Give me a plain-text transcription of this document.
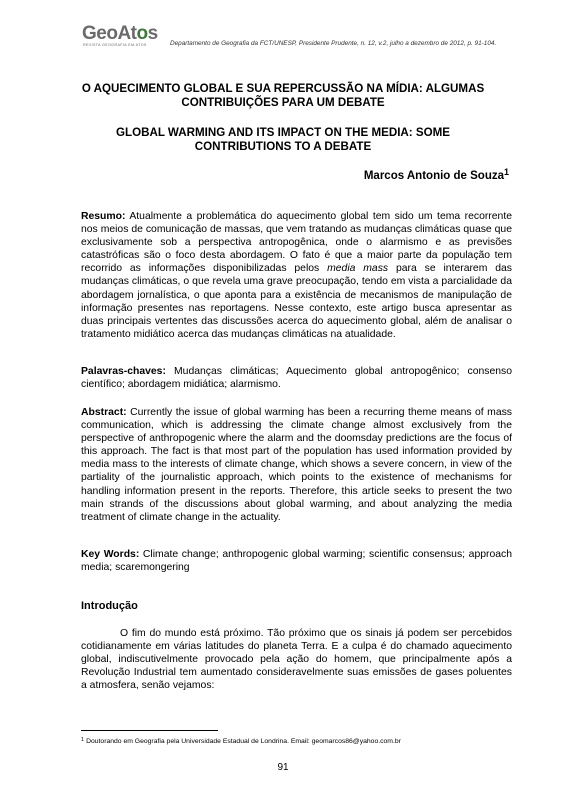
GeoAtos
REVISTA GEOGRAFIA EM ATOS	Departamento de Geografia da FCT/UNESP, Presidente Prudente, n. 12, v.2, julho a dezembro de 2012, p. 91-104.
O AQUECIMENTO GLOBAL E SUA REPERCUSSÃO NA MÍDIA: ALGUMAS CONTRIBUIÇÕES PARA UM DEBATE
GLOBAL WARMING AND ITS IMPACT ON THE MEDIA: SOME CONTRIBUTIONS TO A DEBATE
Marcos Antonio de Souza$^1$

Resumo: Atualmente a problemática do aquecimento global tem sido um tema recorrente nos meios de comunicação de massas, que vem tratando as mudanças climáticas quase que exclusivamente sob a perspectiva antropogênica, onde o alarmismo e as previsões catastróficas são o foco desta abordagem. O fato é que a maior parte da população tem recorrido as informações disponibilizadas pelos media mass para se interarem das mudanças climáticas, o que revela uma grave preocupação, tendo em vista a parcialidade da abordagem jornalística, o que aponta para a existência de mecanismos de manipulação de informação presentes nas reportagens. Nesse contexto, este artigo busca apresentar as duas principais vertentes das discussões acerca do aquecimento global, além de analisar o tratamento midiático acerca das mudanças climáticas na atualidade.

Palavras-chaves: Mudanças climáticas; Aquecimento global antropogênico; consenso científico; abordagem midiática; alarmismo.

Abstract: Currently the issue of global warming has been a recurring theme means of mass communication, which is addressing the climate change almost exclusively from the perspective of anthropogenic where the alarm and the doomsday predictions are the focus of this approach. The fact is that most part of the population has used information provided by media mass to the interests of climate change, which shows a severe concern, in view of the partiality of the journalistic approach, which points to the existence of mechanisms for handling information present in the reports. Therefore, this article seeks to present the two main strands of the discussions about global warming, and about analyzing the media treatment of climate change in the actuality.

Key Words: Climate change; anthropogenic global warming; scientific consensus; approach media; scaremongering

Introdução

O fim do mundo está próximo. Tão próximo que os sinais já podem ser percebidos cotidianamente em várias latitudes do planeta Terra. E a culpa é do chamado aquecimento global, indiscutivelmente provocado pela ação do homem, que principalmente após a Revolução Industrial tem aumentado consideravelmente suas emissões de gases poluentes a atmosfera, senão vejamos:

$^1$ Doutorando em Geografia pela Universidade Estadual de Londrina. Email: geomarcos86@yahoo.com.br
91
